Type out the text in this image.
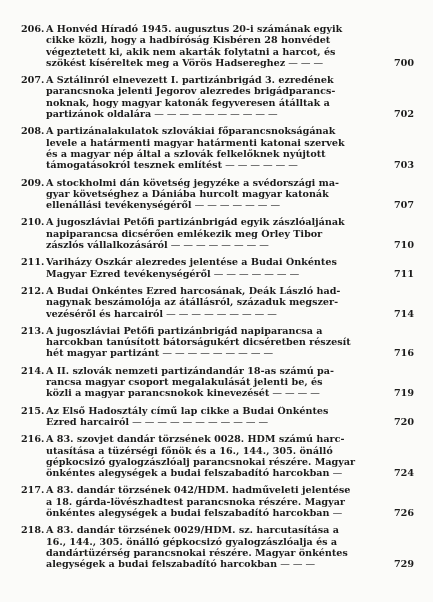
206. A Honvéd Híradó 1945. augusztus 20-i számának egyik
cikke közli, hogy a hadbíróság Kisbéren 28 honvédet
végeztetett ki, akik nem akarták folytatni a harcot, és
szökést kíséreltek meg a Vörös Hadsereghez — — —	700
207. A Sztálinról elnevezett I. partizánbrigád 3. ezredének
parancsnoka jelenti Jegorov alezredes brigádparancs-
noknak, hogy magyar katonák fegyveresen átálltak a
partizánok oldalára — — — — — — — — — —	702
208. A partizánalakulatok szlovákiai főparancsnokságának
levele a határmenti magyar határmenti katonai szervek
és a magyar nép által a szlovák felkelőknek nyújtott
támogatásokról tesznek említést — — — — — —	703
209. A stockholmi dán követség jegyzéke a svédországi ma-
gyar követséghez a Dániába hurcolt magyar katonák
ellenállási tevékenységéről — — — — — — —	707
210. A jugoszláviai Petőfi partizánbrigád egyik zászlóaljának
napiparancsa dicsérően emlékezik meg Örley Tibor
zászlós vállalkozásáról — — — — — — — —	710
211. Variházy Oszkár alezredes jelentése a Budai Önkéntes
Magyar Ezred tevékenységéről — — — — — — —	711
212. A Budai Önkéntes Ezred harcosának, Deák László had-
nagynak beszámolója az átállásról, századuk megszer-
vezéséről és harcairól — — — — — — — — —	714
213. A jugoszláviai Petőfi partizánbrigád napiparancsa a
harcokban tanúsított bátorságukért dicséretben részesít
hét magyar partizánt — — — — — — — — —	716
214. A II. szlovák nemzeti partizándandár 18-as számú pa-
rancsa magyar csoport megalakulását jelenti be, és
közli a magyar parancsnokok kinevezését — — — —	719
215. Az Első Hadosztály című lap cikke a Budai Önkéntes
Ezred harcairól — — — — — — — — — — —	720
216. A 83. szovjet dandár törzsének 0028. HDM számú harc-
utasítása a tüzérségi főnök és a 16., 144., 305. önálló
gépkocsizó gyalogzászlóalj parancsnokai részére. Magyar
önkéntes alegységek a budai felszabadító harcokban —	724
217. A 83. dandár törzsének 042/HDM. hadműveleti jelentése
a 18. gárda-lövészhadtest parancsnoka részére. Magyar
önkéntes alegységek a budai felszabadító harcokban —	726
218. A 83. dandár törzsének 0029/HDM. sz. harcutasítása a
16., 144., 305. önálló gépkocsizó gyalogzászlóalja és a
dandártüzérség parancsnokai részére. Magyar önkéntes
alegységek a budai felszabadító harcokban — — —	729
